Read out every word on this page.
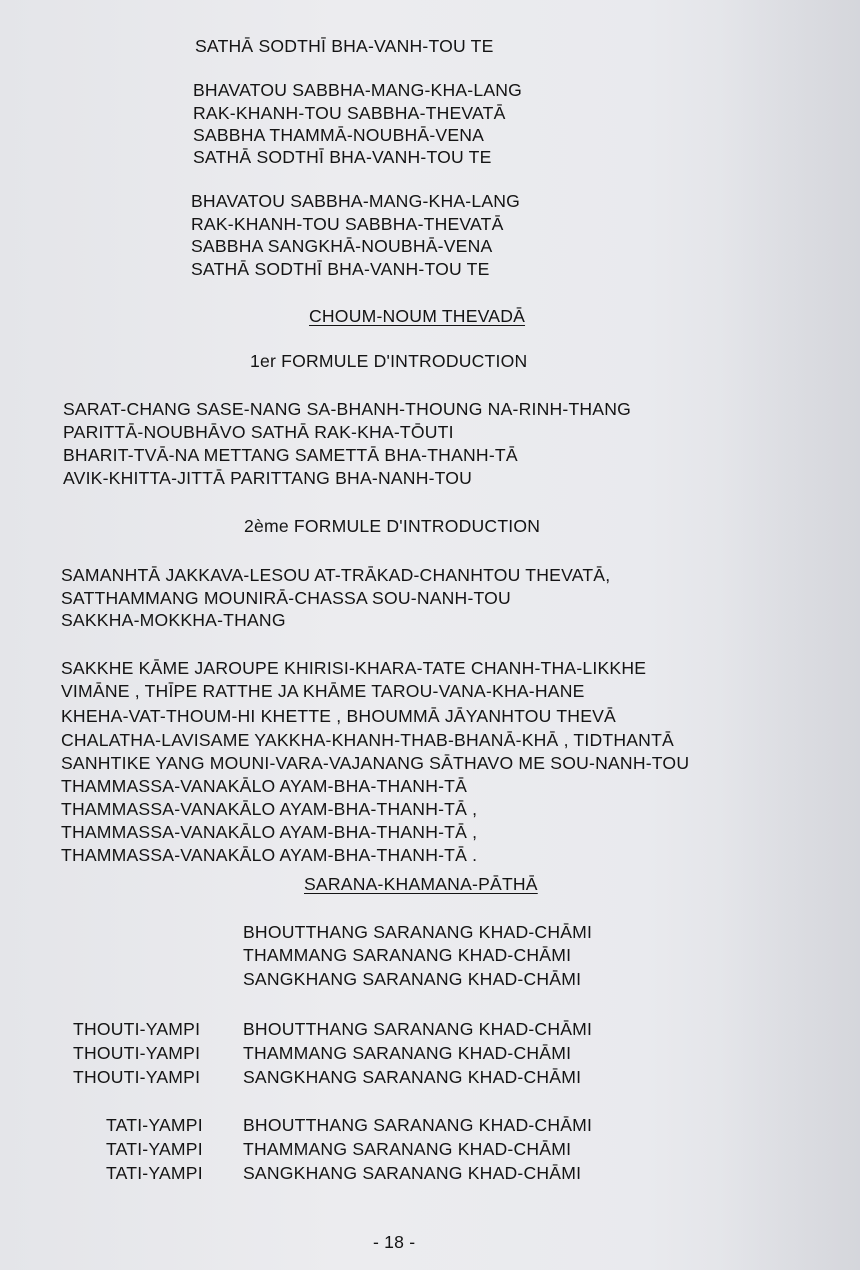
SATHĀ SODTHĪ BHA-VANH-TOU TE
BHAVATOU SABBHA-MANG-KHA-LANG
RAK-KHANH-TOU SABBHA-THEVATĀ
SABBHA THAMMĀ-NOUBHĀ-VENA
SATHĀ SODTHĪ BHA-VANH-TOU TE
BHAVATOU SABBHA-MANG-KHA-LANG
RAK-KHANH-TOU SABBHA-THEVATĀ
SABBHA SANGKHĀ-NOUBHĀ-VENA
SATHĀ SODTHĪ BHA-VANH-TOU TE
CHOUM-NOUM THEVADĀ
1er FORMULE D'INTRODUCTION
SARAT-CHANG SASE-NANG SA-BHANH-THOUNG NA-RINH-THANG
PARITTĀ-NOUBHĀVO SATHĀ RAK-KHA-TŌUTI
BHARIT-TVĀ-NA METTANG SAMETTĀ BHA-THANH-TĀ
AVIK-KHITTA-JITTĀ PARITTANG BHA-NANH-TOU
2ème FORMULE D'INTRODUCTION
SAMANHTĀ JAKKAVA-LESOU AT-TRĀKAD-CHANHTOU THEVATĀ,
SATTHAMMANG MOUNIRĀ-CHASSA SOU-NANH-TOU
SAKKHA-MOKKHA-THANG
SAKKHE KĀME JAROUPE KHIRISI-KHARA-TATE CHANH-THA-LIKKHE
VIMĀNE , THĪPE RATTHE JA KHĀME TAROU-VANA-KHA-HANE
KHEHA-VAT-THOUM-HI KHETTE , BHOUMMĀ JĀYANHTOU THEVĀ
CHALATHA-LAVISAME YAKKHA-KHANH-THAB-BHANĀ-KHĀ , TIDTHANTĀ
SANHTIKE YANG MOUNI-VARA-VAJANANG SĀTHAVO ME SOU-NANH-TOU
THAMMASSA-VANAKĀLO AYAM-BHA-THANH-TĀ
THAMMASSA-VANAKĀLO AYAM-BHA-THANH-TĀ ,
THAMMASSA-VANAKĀLO AYAM-BHA-THANH-TĀ ,
THAMMASSA-VANAKĀLO AYAM-BHA-THANH-TĀ .
SARANA-KHAMANA-PĀTHĀ
BHOUTTHANG SARANANG KHAD-CHĀMI
THAMMANG SARANANG KHAD-CHĀMI
SANGKHANG SARANANG KHAD-CHĀMI
THOUTI-YAMPI BHOUTTHANG SARANANG KHAD-CHĀMI
THOUTI-YAMPI THAMMANG SARANANG KHAD-CHĀMI
THOUTI-YAMPI SANGKHANG SARANANG KHAD-CHĀMI
TATI-YAMPI BHOUTTHANG SARANANG KHAD-CHĀMI
TATI-YAMPI THAMMANG SARANANG KHAD-CHĀMI
TATI-YAMPI SANGKHANG SARANANG KHAD-CHĀMI
- 18 -
